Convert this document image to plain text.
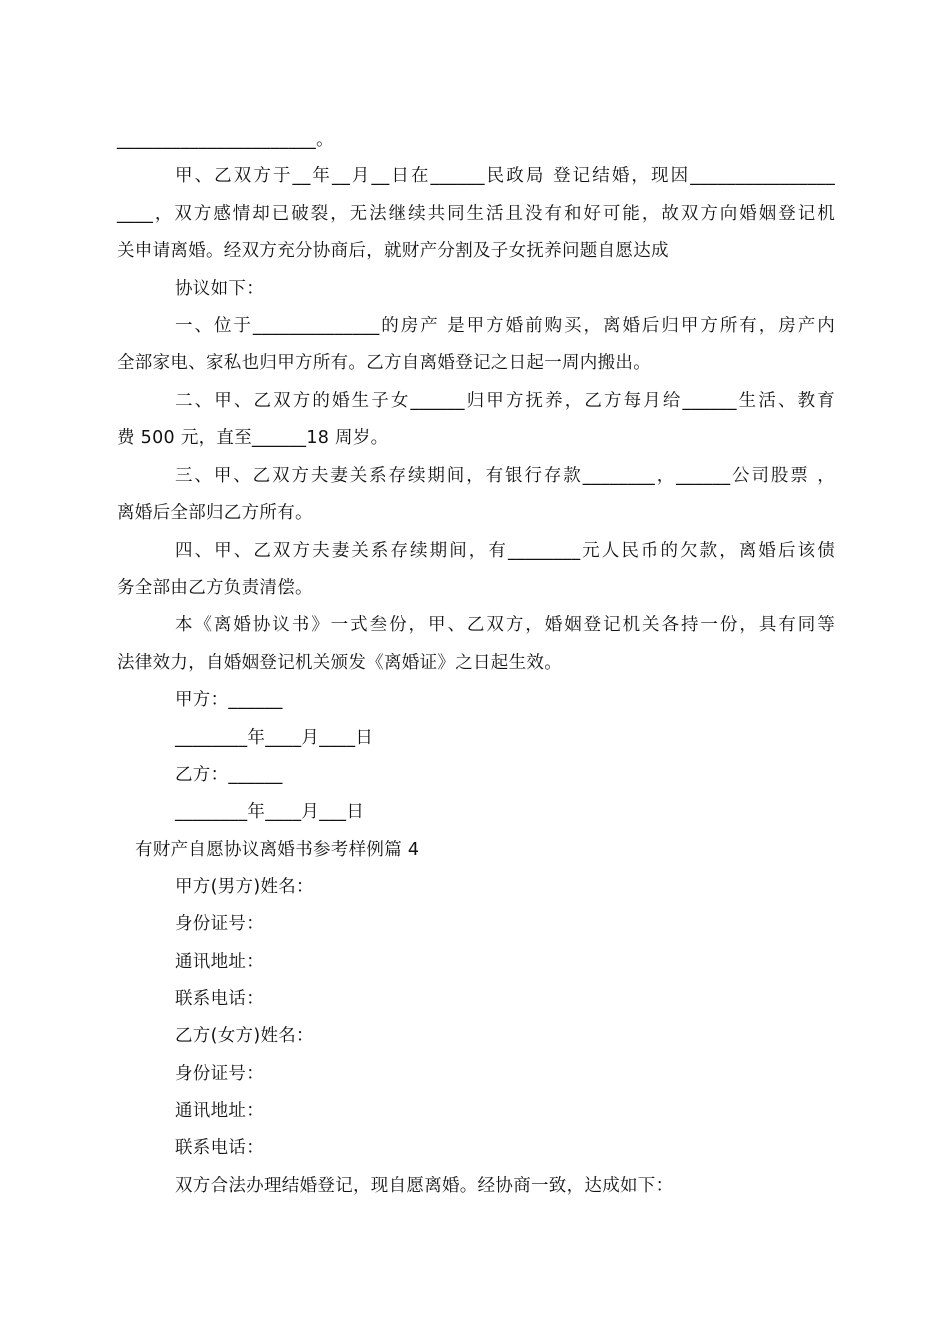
______________________。
甲、乙双方于__年__月__日在______民政局 登记结婚，现因________________
____，双方感情却已破裂，无法继续共同生活且没有和好可能，故双方向婚姻登记机
关申请离婚。经双方充分协商后，就财产分割及子女抚养问题自愿达成
协议如下：
一、位于______________的房产 是甲方婚前购买，离婚后归甲方所有，房产内
全部家电、家私也归甲方所有。乙方自离婚登记之日起一周内搬出。
二、甲、乙双方的婚生子女______归甲方抚养，乙方每月给______生活、教育
费 500 元，直至______18 周岁。
三、甲、乙双方夫妻关系存续期间，有银行存款________，______公司股票 ，
离婚后全部归乙方所有。
四、甲、乙双方夫妻关系存续期间，有________元人民币的欠款，离婚后该债
务全部由乙方负责清偿。
本《离婚协议书》一式叁份，甲、乙双方，婚姻登记机关各持一份，具有同等
法律效力，自婚姻登记机关颁发《离婚证》之日起生效。
甲方：______
________年____月____日
乙方：______
________年____月___日
有财产自愿协议离婚书参考样例篇 4
甲方(男方)姓名：
身份证号：
通讯地址：
联系电话：
乙方(女方)姓名：
身份证号：
通讯地址：
联系电话：
双方合法办理结婚登记，现自愿离婚。经协商一致，达成如下：
